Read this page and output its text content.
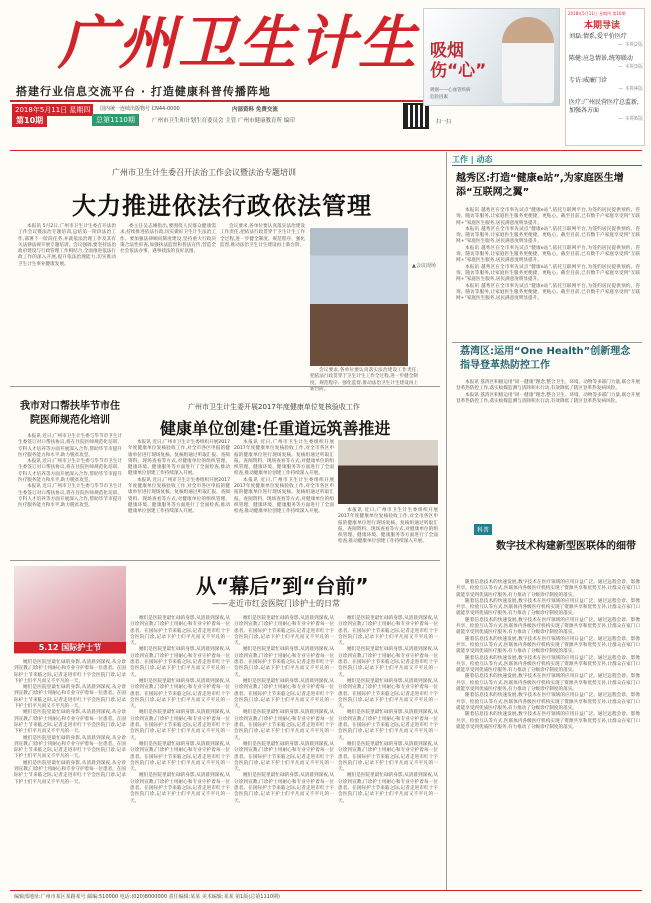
广州卫生计生
搭建行业信息交流平台 · 打造健康科普传播阵地
2018年5月11日 星期四
第10期	总第1110期
国内统一连续出版物号 CN44-0000	内部资料 免费交流
广州市卫生和计划生育委员会 主管 广州市健康教育所 编印	扫一扫
吸烟伤“心”
吸烟——心血管疾病
危险因素
2018年5月11日 星期四 第10期
本期导读
刘磊:情系,爱平价医疗
— 本期2版
陈健:应急情景,统筹联动
— 本期3版
专访:威廉门诊
— 本期4版
医疗:广州民营医疗总监新,加强各方面
— 本期6版
广州市卫生计生委召开法治工作会议暨法治专题培训
大力推进依法行政依法管理

本报讯 5月2日,广州市卫生计生委召开法治工作会议暨法治专题培训,总结第一阶段法治工作,部署下一阶段任务,并就依法治理工作及其有关法律法规开展专题培训。会议强调,要坚持法治政府建设与行政管理工作相结合,全面推进依法行政工作的深入开展,提升依法治理能力,切实推动卫生计生事业健康发展。

委主任吴志刚指出,要围绕人民群众健康需求,持续推进依法行政,切实做好卫生计生法治工作。要加强法律顾问制度建设,坚持重大行政决策合法性审查,加强执法监督和普法宣传,营造全社会依法办事、遇事找法的良好氛围。

会议要求,各单位要认真落实法治建设工作责任,把依法行政贯穿于卫生计生工作全过程,进一步健全制度、规范程序、强化监督,推动法治卫生计生建设再上新台阶。

▲会议现场

会议要求,各单位要认真落实法治建设工作责任,把依法行政贯穿于卫生计生工作全过程,进一步健全制度、规范程序、强化监督,推动法治卫生计生建设再上新台阶。

工作 | 动态
越秀区:打造“健康e站”,为家庭医生增添“互联网之翼”

本报讯 越秀区在全市率先试点“健康e站”,依托互联网平台,为签约居民提供预约、咨询、随访等服务,让家庭医生服务更便捷、更贴心。截至目前,已有数千户家庭享受到“互联网+”家庭医生服务,居民满意度明显提升。

本报讯 越秀区在全市率先试点“健康e站”,依托互联网平台,为签约居民提供预约、咨询、随访等服务,让家庭医生服务更便捷、更贴心。截至目前,已有数千户家庭享受到“互联网+”家庭医生服务,居民满意度明显提升。

本报讯 越秀区在全市率先试点“健康e站”,依托互联网平台,为签约居民提供预约、咨询、随访等服务,让家庭医生服务更便捷、更贴心。截至目前,已有数千户家庭享受到“互联网+”家庭医生服务,居民满意度明显提升。

本报讯 越秀区在全市率先试点“健康e站”,依托互联网平台,为签约居民提供预约、咨询、随访等服务,让家庭医生服务更便捷、更贴心。截至目前,已有数千户家庭享受到“互联网+”家庭医生服务,居民满意度明显提升。

本报讯 越秀区在全市率先试点“健康e站”,依托互联网平台,为签约居民提供预约、咨询、随访等服务,让家庭医生服务更便捷、更贴心。截至目前,已有数千户家庭享受到“互联网+”家庭医生服务,居民满意度明显提升。

荔湾区:运用“One Health”创新理念指导登革热防控工作

本报讯 荔湾区积极运用“同一健康”理念,整合卫生、环境、动物等多部门力量,联合开展登革热防控工作,落实蚊媒监测与清除积水行动,有效降低了辖区登革热发病风险。

本报讯 荔湾区积极运用“同一健康”理念,整合卫生、环境、动物等多部门力量,联合开展登革热防控工作,落实蚊媒监测与清除积水行动,有效降低了辖区登革热发病风险。

我市对口帮扶毕节市住院医师规范化培训

本报讯 近日,广州市卫生计生委与毕节市卫生计生委签订对口帮扶协议,将在住院医师规范化培训、专科人才培养等方面开展深入合作,帮助毕节市提升医疗服务能力和水平,助力脱贫攻坚。

本报讯 近日,广州市卫生计生委与毕节市卫生计生委签订对口帮扶协议,将在住院医师规范化培训、专科人才培养等方面开展深入合作,帮助毕节市提升医疗服务能力和水平,助力脱贫攻坚。

本报讯 近日,广州市卫生计生委与毕节市卫生计生委签订对口帮扶协议,将在住院医师规范化培训、专科人才培养等方面开展深入合作,帮助毕节市提升医疗服务能力和水平,助力脱贫攻坚。

广州市卫生计生委开展2017年度健康单位复核验收工作
健康单位创建:任重道远筑善推进

本报讯 近日,广州市卫生计生委组织开展2017年度健康单位复核验收工作,对全市各区申报的健康单位进行现场复核。复核组通过听取汇报、查阅资料、现场查看等方式,对健康单位的组织管理、健康环境、健康服务等方面进行了全面检查,推动健康单位创建工作持续深入开展。

本报讯 近日,广州市卫生计生委组织开展2017年度健康单位复核验收工作,对全市各区申报的健康单位进行现场复核。复核组通过听取汇报、查阅资料、现场查看等方式,对健康单位的组织管理、健康环境、健康服务等方面进行了全面检查,推动健康单位创建工作持续深入开展。

本报讯 近日,广州市卫生计生委组织开展2017年度健康单位复核验收工作,对全市各区申报的健康单位进行现场复核。复核组通过听取汇报、查阅资料、现场查看等方式,对健康单位的组织管理、健康环境、健康服务等方面进行了全面检查,推动健康单位创建工作持续深入开展。

本报讯 近日,广州市卫生计生委组织开展2017年度健康单位复核验收工作,对全市各区申报的健康单位进行现场复核。复核组通过听取汇报、查阅资料、现场查看等方式,对健康单位的组织管理、健康环境、健康服务等方面进行了全面检查,推动健康单位创建工作持续深入开展。	本报讯 近日,广州市卫生计生委组织开展2017年度健康单位复核验收工作,对全市各区申报的健康单位进行现场复核。复核组通过听取汇报、查阅资料、现场查看等方式,对健康单位的组织管理、健康环境、健康服务等方面进行了全面检查,推动健康单位创建工作持续深入开展。

5.12 国际护士节
从“幕后”到“台前”
——走近市红会医院门诊护士的日常

她们是医院里最忙碌的身影,从清晨到深夜,从分诊到宣教,门诊护士用耐心和专业守护着每一位患者。在国际护士节来临之际,记者走进市红十字会医院门诊,记录下护士们平凡而又不平凡的一天。

她们是医院里最忙碌的身影,从清晨到深夜,从分诊到宣教,门诊护士用耐心和专业守护着每一位患者。在国际护士节来临之际,记者走进市红十字会医院门诊,记录下护士们平凡而又不平凡的一天。

她们是医院里最忙碌的身影,从清晨到深夜,从分诊到宣教,门诊护士用耐心和专业守护着每一位患者。在国际护士节来临之际,记者走进市红十字会医院门诊,记录下护士们平凡而又不平凡的一天。

她们是医院里最忙碌的身影,从清晨到深夜,从分诊到宣教,门诊护士用耐心和专业守护着每一位患者。在国际护士节来临之际,记者走进市红十字会医院门诊,记录下护士们平凡而又不平凡的一天。

她们是医院里最忙碌的身影,从清晨到深夜,从分诊到宣教,门诊护士用耐心和专业守护着每一位患者。在国际护士节来临之际,记者走进市红十字会医院门诊,记录下护士们平凡而又不平凡的一天。

她们是医院里最忙碌的身影,从清晨到深夜,从分诊到宣教,门诊护士用耐心和专业守护着每一位患者。在国际护士节来临之际,记者走进市红十字会医院门诊,记录下护士们平凡而又不平凡的一天。

她们是医院里最忙碌的身影,从清晨到深夜,从分诊到宣教,门诊护士用耐心和专业守护着每一位患者。在国际护士节来临之际,记者走进市红十字会医院门诊,记录下护士们平凡而又不平凡的一天。

她们是医院里最忙碌的身影,从清晨到深夜,从分诊到宣教,门诊护士用耐心和专业守护着每一位患者。在国际护士节来临之际,记者走进市红十字会医院门诊,记录下护士们平凡而又不平凡的一天。

她们是医院里最忙碌的身影,从清晨到深夜,从分诊到宣教,门诊护士用耐心和专业守护着每一位患者。在国际护士节来临之际,记者走进市红十字会医院门诊,记录下护士们平凡而又不平凡的一天。

她们是医院里最忙碌的身影,从清晨到深夜,从分诊到宣教,门诊护士用耐心和专业守护着每一位患者。在国际护士节来临之际,记者走进市红十字会医院门诊,记录下护士们平凡而又不平凡的一天。

她们是医院里最忙碌的身影,从清晨到深夜,从分诊到宣教,门诊护士用耐心和专业守护着每一位患者。在国际护士节来临之际,记者走进市红十字会医院门诊,记录下护士们平凡而又不平凡的一天。

她们是医院里最忙碌的身影,从清晨到深夜,从分诊到宣教,门诊护士用耐心和专业守护着每一位患者。在国际护士节来临之际,记者走进市红十字会医院门诊,记录下护士们平凡而又不平凡的一天。

她们是医院里最忙碌的身影,从清晨到深夜,从分诊到宣教,门诊护士用耐心和专业守护着每一位患者。在国际护士节来临之际,记者走进市红十字会医院门诊,记录下护士们平凡而又不平凡的一天。

她们是医院里最忙碌的身影,从清晨到深夜,从分诊到宣教,门诊护士用耐心和专业守护着每一位患者。在国际护士节来临之际,记者走进市红十字会医院门诊,记录下护士们平凡而又不平凡的一天。

她们是医院里最忙碌的身影,从清晨到深夜,从分诊到宣教,门诊护士用耐心和专业守护着每一位患者。在国际护士节来临之际,记者走进市红十字会医院门诊,记录下护士们平凡而又不平凡的一天。

她们是医院里最忙碌的身影,从清晨到深夜,从分诊到宣教,门诊护士用耐心和专业守护着每一位患者。在国际护士节来临之际,记者走进市红十字会医院门诊,记录下护士们平凡而又不平凡的一天。

她们是医院里最忙碌的身影,从清晨到深夜,从分诊到宣教,门诊护士用耐心和专业守护着每一位患者。在国际护士节来临之际,记者走进市红十字会医院门诊,记录下护士们平凡而又不平凡的一天。

她们是医院里最忙碌的身影,从清晨到深夜,从分诊到宣教,门诊护士用耐心和专业守护着每一位患者。在国际护士节来临之际,记者走进市红十字会医院门诊,记录下护士们平凡而又不平凡的一天。

她们是医院里最忙碌的身影,从清晨到深夜,从分诊到宣教,门诊护士用耐心和专业守护着每一位患者。在国际护士节来临之际,记者走进市红十字会医院门诊,记录下护士们平凡而又不平凡的一天。

她们是医院里最忙碌的身影,从清晨到深夜,从分诊到宣教,门诊护士用耐心和专业守护着每一位患者。在国际护士节来临之际,记者走进市红十字会医院门诊,记录下护士们平凡而又不平凡的一天。

她们是医院里最忙碌的身影,从清晨到深夜,从分诊到宣教,门诊护士用耐心和专业守护着每一位患者。在国际护士节来临之际,记者走进市红十字会医院门诊,记录下护士们平凡而又不平凡的一天。

她们是医院里最忙碌的身影,从清晨到深夜,从分诊到宣教,门诊护士用耐心和专业守护着每一位患者。在国际护士节来临之际,记者走进市红十字会医院门诊,记录下护士们平凡而又不平凡的一天。

她们是医院里最忙碌的身影,从清晨到深夜,从分诊到宣教,门诊护士用耐心和专业守护着每一位患者。在国际护士节来临之际,记者走进市红十字会医院门诊,记录下护士们平凡而又不平凡的一天。

科普
数字技术构建新型医联体的细带

随着信息技术的快速发展,数字技术在医疗领域的应用日益广泛。通过远程会诊、影像共享、检验互认等方式,医联体内各级医疗机构实现了资源共享和优势互补,让群众在家门口就能享受到优质医疗服务,有力推动了分级诊疗制度的落实。

随着信息技术的快速发展,数字技术在医疗领域的应用日益广泛。通过远程会诊、影像共享、检验互认等方式,医联体内各级医疗机构实现了资源共享和优势互补,让群众在家门口就能享受到优质医疗服务,有力推动了分级诊疗制度的落实。

随着信息技术的快速发展,数字技术在医疗领域的应用日益广泛。通过远程会诊、影像共享、检验互认等方式,医联体内各级医疗机构实现了资源共享和优势互补,让群众在家门口就能享受到优质医疗服务,有力推动了分级诊疗制度的落实。

随着信息技术的快速发展,数字技术在医疗领域的应用日益广泛。通过远程会诊、影像共享、检验互认等方式,医联体内各级医疗机构实现了资源共享和优势互补,让群众在家门口就能享受到优质医疗服务,有力推动了分级诊疗制度的落实。

随着信息技术的快速发展,数字技术在医疗领域的应用日益广泛。通过远程会诊、影像共享、检验互认等方式,医联体内各级医疗机构实现了资源共享和优势互补,让群众在家门口就能享受到优质医疗服务,有力推动了分级诊疗制度的落实。

随着信息技术的快速发展,数字技术在医疗领域的应用日益广泛。通过远程会诊、影像共享、检验互认等方式,医联体内各级医疗机构实现了资源共享和优势互补,让群众在家门口就能享受到优质医疗服务,有力推动了分级诊疗制度的落实。

随着信息技术的快速发展,数字技术在医疗领域的应用日益广泛。通过远程会诊、影像共享、检验互认等方式,医联体内各级医疗机构实现了资源共享和优势互补,让群众在家门口就能享受到优质医疗服务,有力推动了分级诊疗制度的落实。

随着信息技术的快速发展,数字技术在医疗领域的应用日益广泛。通过远程会诊、影像共享、检验互认等方式,医联体内各级医疗机构实现了资源共享和优势互补,让群众在家门口就能享受到优质医疗服务,有力推动了分级诊疗制度的落实。

编辑部地址:广州市某区某路某号 邮编:510000 电话:(020)8000000 责任编辑:某某 美术编辑:某某 第1版(总第1110期)
